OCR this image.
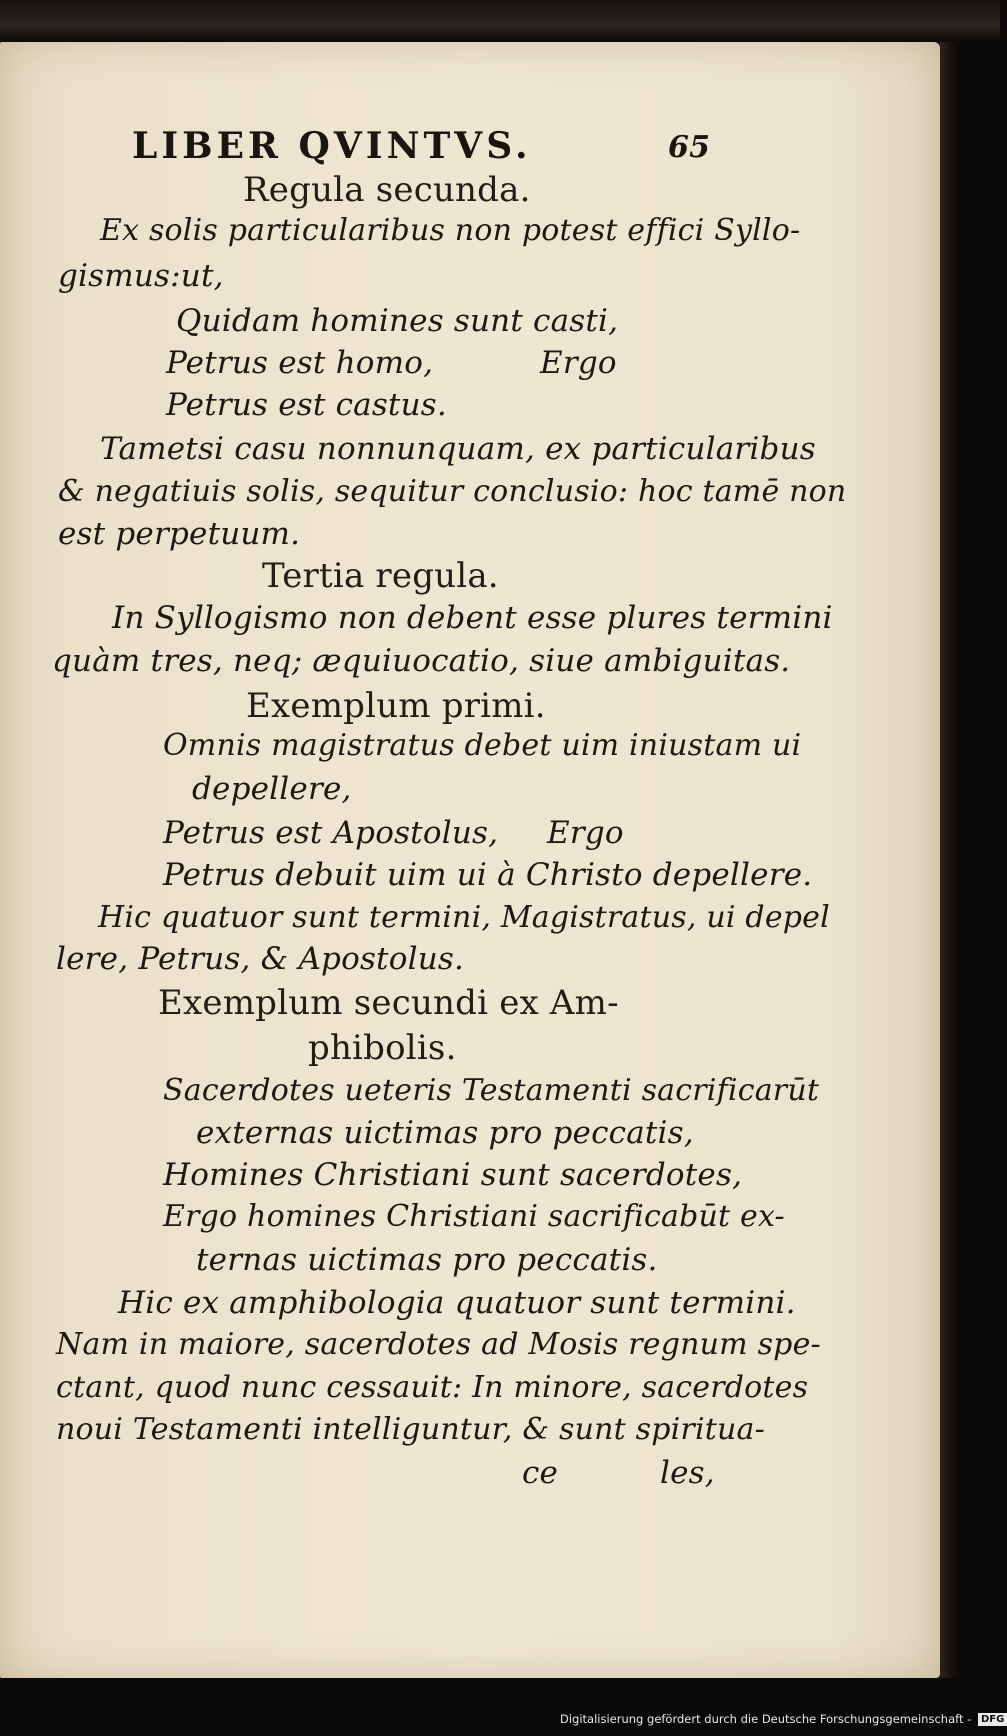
LIBER QVINTVS.	65
Regula secunda.
Ex solis particularibus non potest effici Syllo-
gismus:ut,
Quidam homines sunt casti,
Petrus est homo,	Ergo
Petrus est castus.
Tametsi casu nonnunquam, ex particularibus
& negatiuis solis, sequitur conclusio: hoc tamē non
est perpetuum.
Tertia regula.
In Syllogismo non debent esse plures termini
quàm tres, neq; æquiuocatio, siue ambiguitas.
Exemplum primi.
Omnis magistratus debet uim iniustam ui
depellere,
Petrus est Apostolus, Ergo
Petrus debuit uim ui à Christo depellere.
Hic quatuor sunt termini, Magistratus, ui depel
lere, Petrus, & Apostolus.
Exemplum secundi ex Am-
phibolis.
Sacerdotes ueteris Testamenti sacrificarūt
externas uictimas pro peccatis,
Homines Christiani sunt sacerdotes,
Ergo homines Christiani sacrificabūt ex-
ternas uictimas pro peccatis.
Hic ex amphibologia quatuor sunt termini.
Nam in maiore, sacerdotes ad Mosis regnum spe-
ctant, quod nunc cessauit: In minore, sacerdotes
noui Testamenti intelliguntur, & sunt spiritua-
ce	les,
Digitalisierung gefördert durch die Deutsche Forschungsgemeinschaft - DFG
